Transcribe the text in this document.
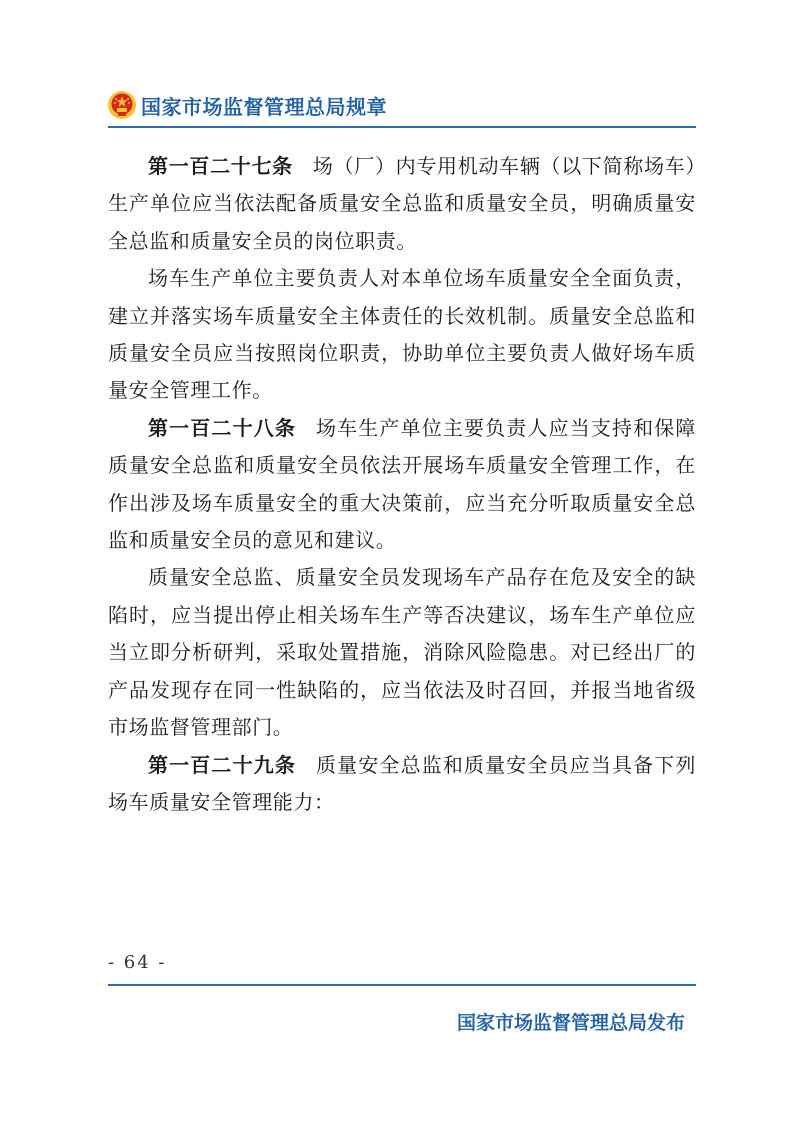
国家市场监督管理总局规章

第一百二十七条 场（厂）内专用机动车辆（以下简称场车）生产单位应当依法配备质量安全总监和质量安全员，明确质量安全总监和质量安全员的岗位职责。

场车生产单位主要负责人对本单位场车质量安全全面负责，建立并落实场车质量安全主体责任的长效机制。质量安全总监和质量安全员应当按照岗位职责，协助单位主要负责人做好场车质量安全管理工作。

第一百二十八条 场车生产单位主要负责人应当支持和保障质量安全总监和质量安全员依法开展场车质量安全管理工作，在作出涉及场车质量安全的重大决策前，应当充分听取质量安全总监和质量安全员的意见和建议。

质量安全总监、质量安全员发现场车产品存在危及安全的缺陷时，应当提出停止相关场车生产等否决建议，场车生产单位应当立即分析研判，采取处置措施，消除风险隐患。对已经出厂的产品发现存在同一性缺陷的，应当依法及时召回，并报当地省级市场监督管理部门。

第一百二十九条 质量安全总监和质量安全员应当具备下列场车质量安全管理能力：

- 64 -
国家市场监督管理总局发布
